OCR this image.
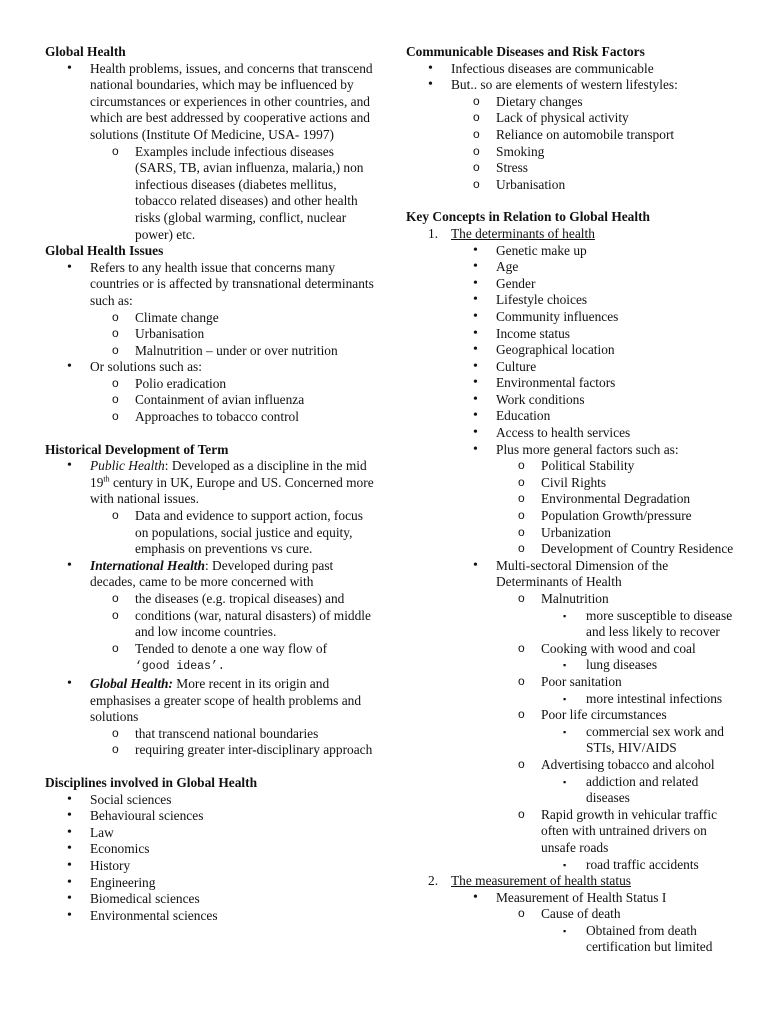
Global Health

• Health problems, issues, and concerns that transcend national boundaries, which may be influenced by circumstances or experiences in other countries, and which are best addressed by cooperative actions and solutions (Institute Of Medicine, USA- 1997)
o Examples include infectious diseases (SARS, TB, avian influenza, malaria,) non infectious diseases (diabetes mellitus, tobacco related diseases) and other health risks (global warming, conflict, nuclear power) etc.

Global Health Issues

• Refers to any health issue that concerns many countries or is affected by transnational determinants such as:
o Climate change
o Urbanisation
o Malnutrition – under or over nutrition
• Or solutions such as:
o Polio eradication
o Containment of avian influenza
o Approaches to tobacco control

Historical Development of Term

• Public Health: Developed as a discipline in the mid 19th century in UK, Europe and US. Concerned more with national issues.
o Data and evidence to support action, focus on populations, social justice and equity, emphasis on preventions vs cure.
• International Health: Developed during past decades, came to be more concerned with
o the diseases (e.g. tropical diseases) and
o conditions (war, natural disasters) of middle and low income countries.
o Tended to denote a one way flow of
‘good ideas’.
• Global Health: More recent in its origin and emphasises a greater scope of health problems and solutions
o that transcend national boundaries
o requiring greater inter-disciplinary approach

Disciplines involved in Global Health

• Social sciences
• Behavioural sciences
• Law
• Economics
• History
• Engineering
• Biomedical sciences
• Environmental sciences

Communicable Diseases and Risk Factors

• Infectious diseases are communicable
• But.. so are elements of western lifestyles:
o Dietary changes
o Lack of physical activity
o Reliance on automobile transport
o Smoking
o Stress
o Urbanisation

Key Concepts in Relation to Global Health

1. The determinants of health
• Genetic make up
• Age
• Gender
• Lifestyle choices
• Community influences
• Income status
• Geographical location
• Culture
• Environmental factors
• Work conditions
• Education
• Access to health services
• Plus more general factors such as:
o Political Stability
o Civil Rights
o Environmental Degradation
o Population Growth/pressure
o Urbanization
o Development of Country Residence
• Multi-sectoral Dimension of the Determinants of Health
o Malnutrition
▪ more susceptible to disease and less likely to recover
o Cooking with wood and coal
▪ lung diseases
o Poor sanitation
▪ more intestinal infections
o Poor life circumstances
▪ commercial sex work and STIs, HIV/AIDS
o Advertising tobacco and alcohol
▪ addiction and related diseases
o Rapid growth in vehicular traffic often with untrained drivers on unsafe roads
▪ road traffic accidents
2. The measurement of health status
• Measurement of Health Status I
o Cause of death
▪ Obtained from death certification but limited
